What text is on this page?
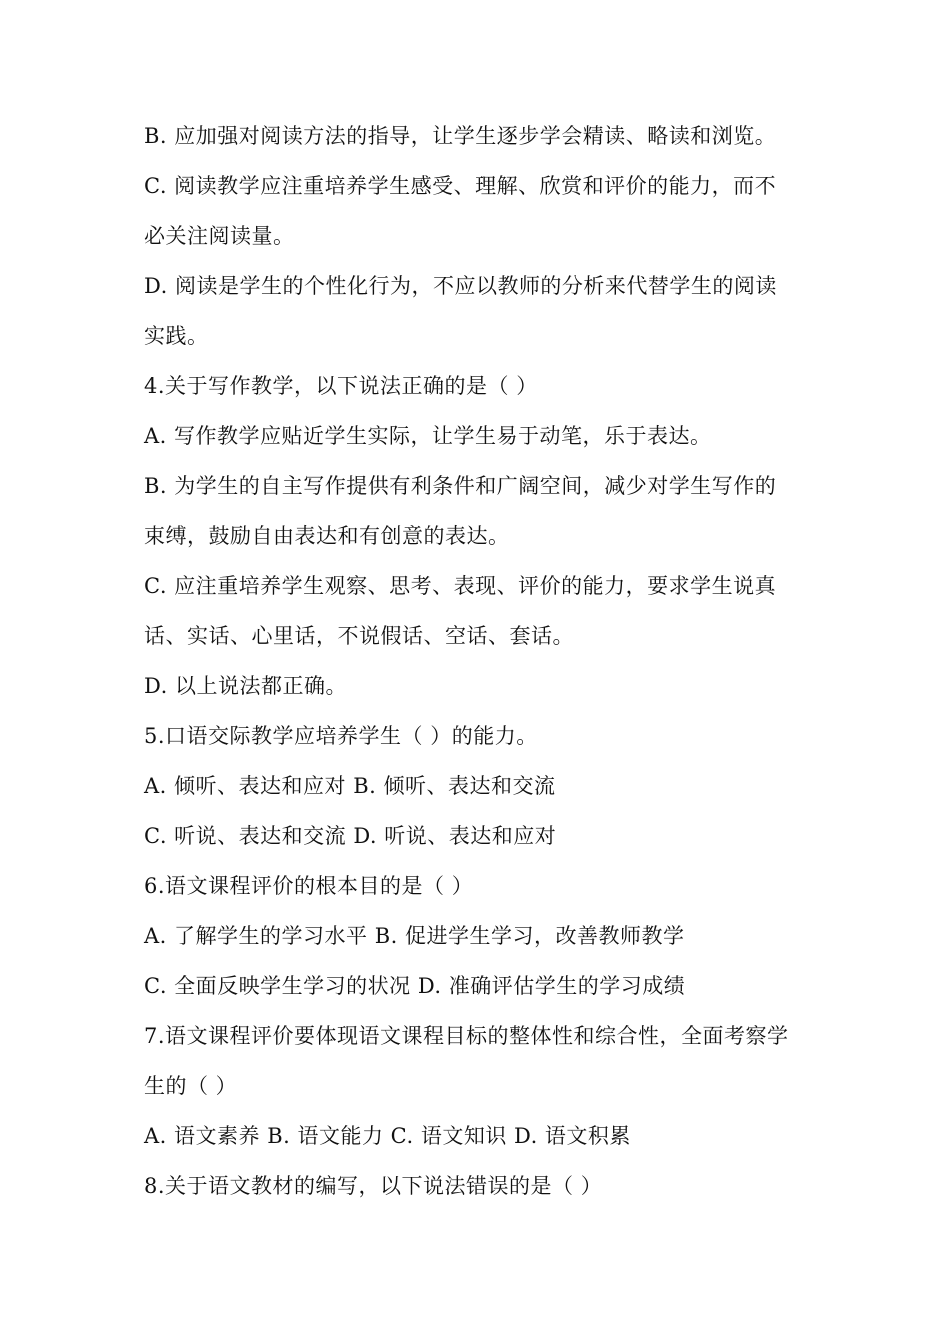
B. 应加强对阅读方法的指导，让学生逐步学会精读、略读和浏览。
C. 阅读教学应注重培养学生感受、理解、欣赏和评价的能力，而不
必关注阅读量。
D. 阅读是学生的个性化行为，不应以教师的分析来代替学生的阅读
实践。
4.关于写作教学，以下说法正确的是（ ）
A. 写作教学应贴近学生实际，让学生易于动笔，乐于表达。
B. 为学生的自主写作提供有利条件和广阔空间，减少对学生写作的
束缚，鼓励自由表达和有创意的表达。
C. 应注重培养学生观察、思考、表现、评价的能力，要求学生说真
话、实话、心里话，不说假话、空话、套话。
D. 以上说法都正确。
5.口语交际教学应培养学生（ ）的能力。
A. 倾听、表达和应对 B. 倾听、表达和交流
C. 听说、表达和交流 D. 听说、表达和应对
6.语文课程评价的根本目的是（ ）
A. 了解学生的学习水平 B. 促进学生学习，改善教师教学
C. 全面反映学生学习的状况 D. 准确评估学生的学习成绩
7.语文课程评价要体现语文课程目标的整体性和综合性，全面考察学
生的（ ）
A. 语文素养 B. 语文能力 C. 语文知识 D. 语文积累
8.关于语文教材的编写，以下说法错误的是（ ）
